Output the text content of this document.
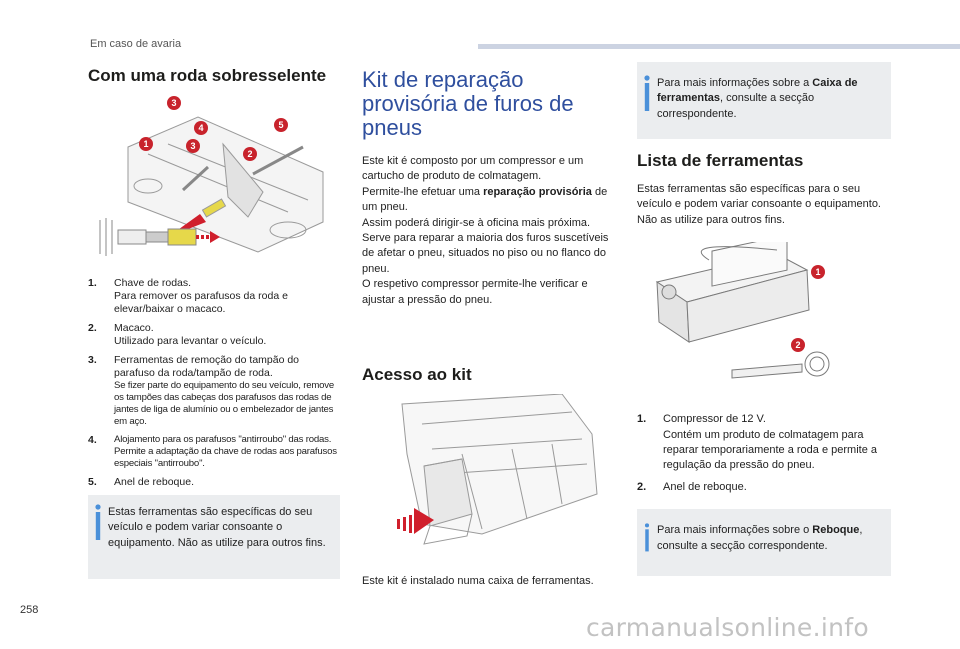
Em caso de avaria
Com uma roda sobresselente
3
4	5
1	3
2
1. Chave de rodas.
Para remover os parafusos da roda e elevar/baixar o macaco.
2. Macaco.
Utilizado para levantar o veículo.
3. Ferramentas de remoção do tampão do parafuso da roda/tampão de roda.
Se fizer parte do equipamento do seu veículo, remove os tampões das cabeças dos parafusos das rodas de jantes de liga de alumínio ou o embelezador de jantes em aço.
4. Alojamento para os parafusos "antirroubo" das rodas. Permite a adaptação da chave de rodas aos parafusos especiais "antirroubo".
5. Anel de reboque.
Estas ferramentas são específicas do seu veículo e podem variar consoante o equipamento. Não as utilize para outros fins.
Kit de reparação provisória de furos de pneus

Este kit é composto por um compressor e um cartucho de produto de colmatagem.

Permite-lhe efetuar uma reparação provisória de um pneu.

Assim poderá dirigir-se à oficina mais próxima.

Serve para reparar a maioria dos furos suscetíveis de afetar o pneu, situados no piso ou no flanco do pneu.

O respetivo compressor permite-lhe verificar e ajustar a pressão do pneu.

Acesso ao kit

Este kit é instalado numa caixa de ferramentas.

Para mais informações sobre a Caixa de ferramentas, consulte a secção correspondente.
Lista de ferramentas

Estas ferramentas são específicas para o seu veículo e podem variar consoante o equipamento. Não as utilize para outros fins.

1
2
1. Compressor de 12 V.
Contém um produto de colmatagem para reparar temporariamente a roda e permite a regulação da pressão do pneu.
2. Anel de reboque.
Para mais informações sobre o Reboque, consulte a secção correspondente.
258
carmanualsonline.info
